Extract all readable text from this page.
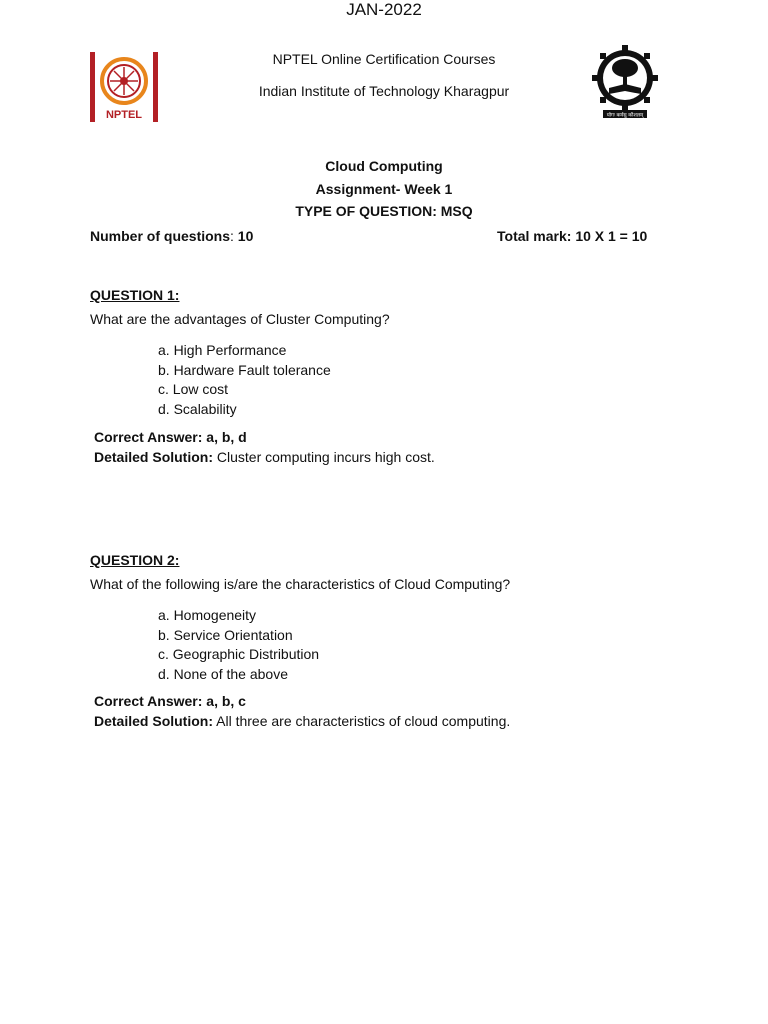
JAN-2022
NPTEL
NPTEL Online Certification Courses
Indian Institute of Technology Kharagpur
योगः कर्मसु कौशलम्
Cloud Computing
Assignment- Week 1
TYPE OF QUESTION: MSQ
Number of questions: 10	Total mark: 10 X 1 = 10
QUESTION 1:
What are the advantages of Cluster Computing?
a. High Performance
b. Hardware Fault tolerance
c. Low cost
d. Scalability
Correct Answer: a, b, d
Detailed Solution: Cluster computing incurs high cost.
QUESTION 2:
What of the following is/are the characteristics of Cloud Computing?
a. Homogeneity
b. Service Orientation
c. Geographic Distribution
d. None of the above
Correct Answer: a, b, c
Detailed Solution: All three are characteristics of cloud computing.
